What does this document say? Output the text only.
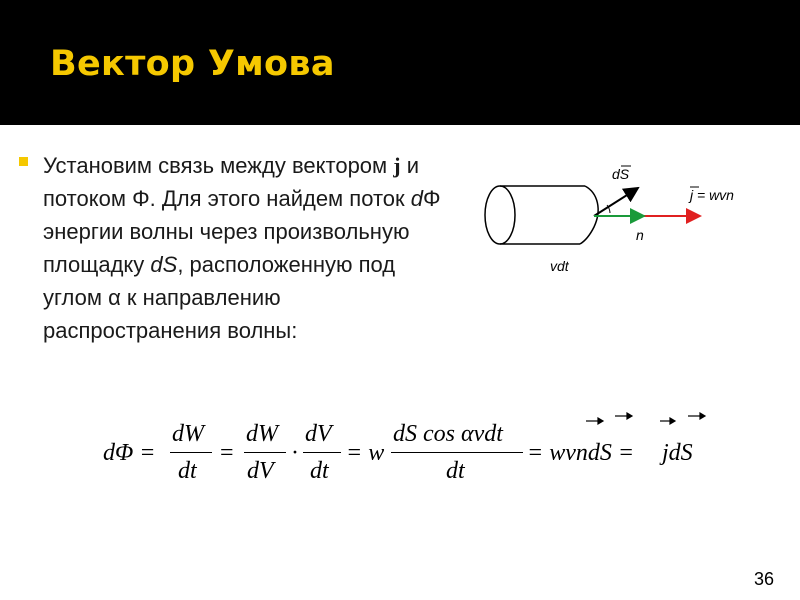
Вектор Умова
Установим связь между вектором j и потоком Φ. Для этого найдем поток dΦ энергии волны через произвольную площадку dS, расположенную под углом α к направлению распространения волны:
dS
j = wvn
n
vdt
dΦ =
dW
dt
=
dW
dV
·
dV
dt
= w
dS cos αvdt
dt
= wvndS = jdS
36
